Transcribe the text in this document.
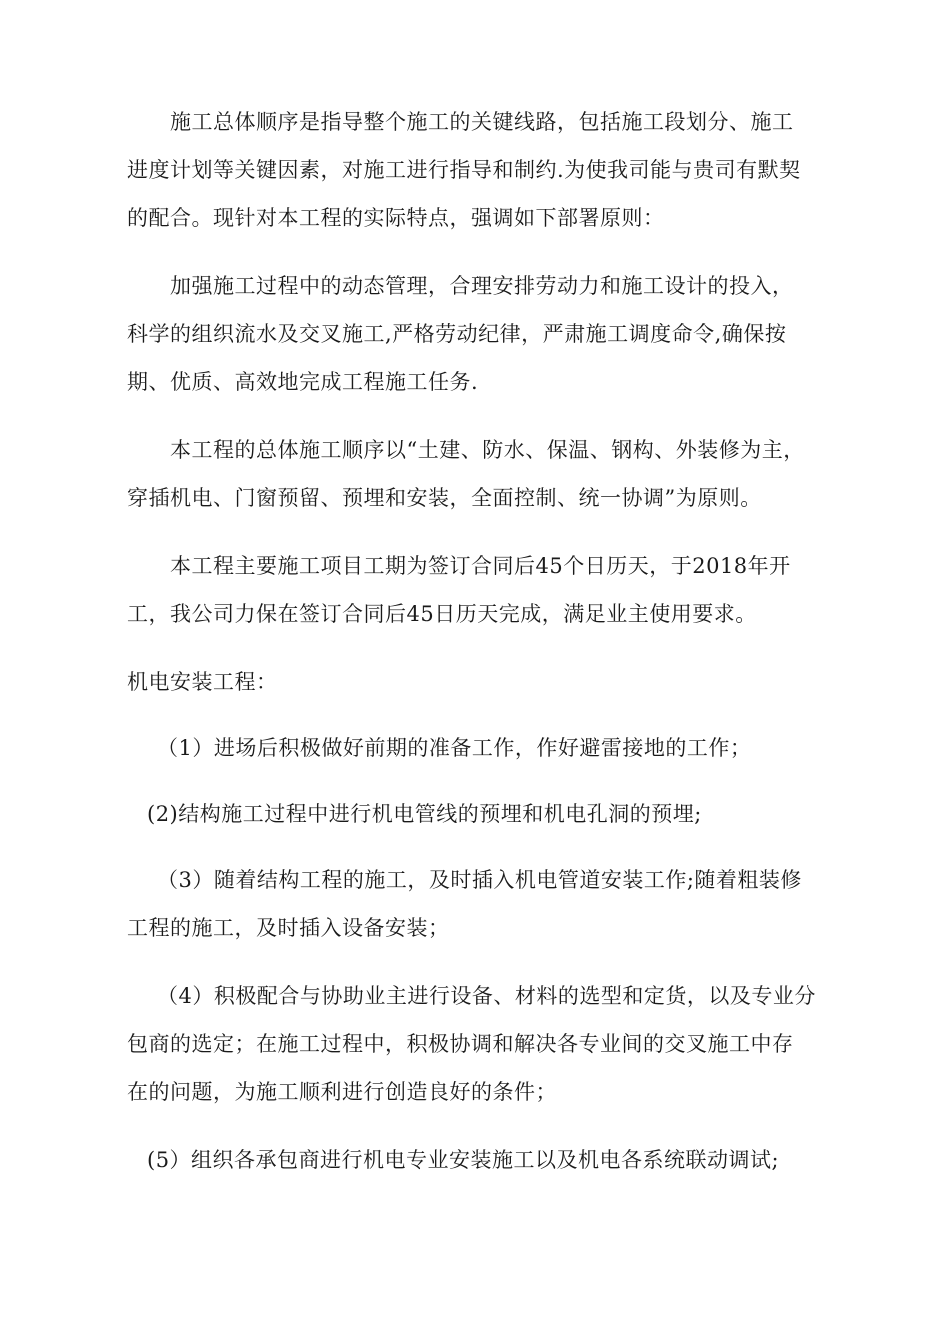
施工总体顺序是指导整个施工的关键线路，包括施工段划分、施工
进度计划等关键因素，对施工进行指导和制约.为使我司能与贵司有默契
的配合。现针对本工程的实际特点，强调如下部署原则：
加强施工过程中的动态管理，合理安排劳动力和施工设计的投入，
科学的组织流水及交叉施工,严格劳动纪律，严肃施工调度命令,确保按
期、优质、高效地完成工程施工任务.
本工程的总体施工顺序以“土建、防水、保温、钢构、外装修为主，
穿插机电、门窗预留、预埋和安装，全面控制、统一协调”为原则。
本工程主要施工项目工期为签订合同后45个日历天，于2018年开
工，我公司力保在签订合同后45日历天完成，满足业主使用要求。
机电安装工程：
（1）进场后积极做好前期的准备工作，作好避雷接地的工作；
(2)结构施工过程中进行机电管线的预埋和机电孔洞的预埋;
（3）随着结构工程的施工，及时插入机电管道安装工作;随着粗装修
工程的施工，及时插入设备安装；
（4）积极配合与协助业主进行设备、材料的选型和定货，以及专业分
包商的选定；在施工过程中，积极协调和解决各专业间的交叉施工中存
在的问题，为施工顺利进行创造良好的条件；
(5）组织各承包商进行机电专业安装施工以及机电各系统联动调试;
